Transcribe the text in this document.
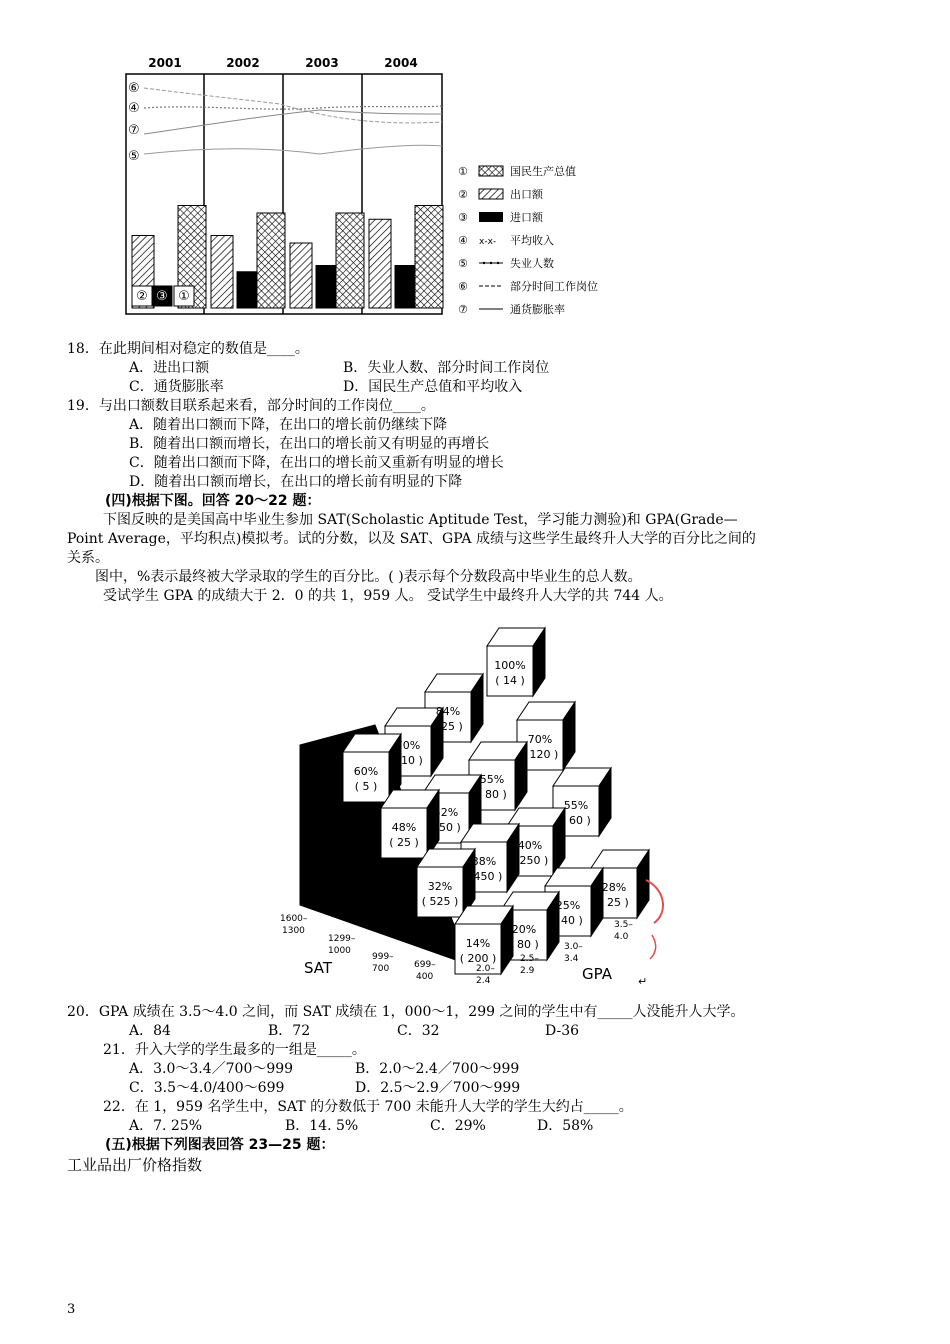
2001	2002	2003	2004
⑥
④
⑦
⑤
② ③ ①
①	国民生产总值
②	出口额
③	进口额
④	x-x- 平均收入
⑤	失业人数
⑥	部分时间工作岗位
⑦	通货膨胀率
18．在此期间相对稳定的数值是____。
A．进出口额	B．失业人数、部分时间工作岗位
C．通货膨胀率	D．国民生产总值和平均收入
19．与出口额数目联系起来看，部分时间的工作岗位____。
A．随着出口额而下降，在出口的增长前仍继续下降
B．随着出口额而增长，在出口的增长前又有明显的再增长
C．随着出口额而下降，在出口的增长前又重新有明显的增长
D．随着出口额而增长，在出口的增长前有明显的下降
(四)根据下图。回答 20～22 题：
下图反映的是美国高中毕业生参加 SAT(Scholastic Aptitude Test，学习能力测验)和 GPA(Grade—
Point Average，平均积点)模拟考。试的分数，以及 SAT、GPA 成绩与这些学生最终升人大学的百分比之间的
关系。
图中，%表示最终被大学录取的学生的百分比。( )表示每个分数段高中毕业生的总人数。
受试学生 GPA 的成绩大于 2．0 的共 1，959 人。 受试学生中最终升人大学的共 744 人。
100%
( 14 )
84%
( 25 )
70%
( 120 )
70%
( 10 )
60%
( 5 )
55%
( 80 )
55%
( 60 )
52%
( 50 )
48%
( 25 )	40%
( 250 )
38%
( 450 )
32%
( 525 )
28%
( 25 )
25%
( 40 )
20%
( 80 )
14%
( 200 )
1600– 1300
1299– 1000
999– 700	699– 400
SAT	2.0– 2.4
2.5– 2.9
3.0– 3.4
3.5– 4.0
GPA ↵
20．GPA 成绩在 3.5～4.0 之间，而 SAT 成绩在 1，000～1，299 之间的学生中有_____人没能升人大学。
A．84	B．72	C．32	D-36
21．升入大学的学生最多的一组是_____。
A．3.0～3.4／700～999	B．2.0～2.4／700～999
C．3.5～4.0/400～699	D．2.5～2.9／700～999
22．在 1，959 名学生中，SAT 的分数低于 700 未能升人大学的学生大约占_____。
A．7. 25%	B．14. 5%	C．29%	D．58%
(五)根据下列图表回答 23—25 题：
工业品出厂价格指数
3
